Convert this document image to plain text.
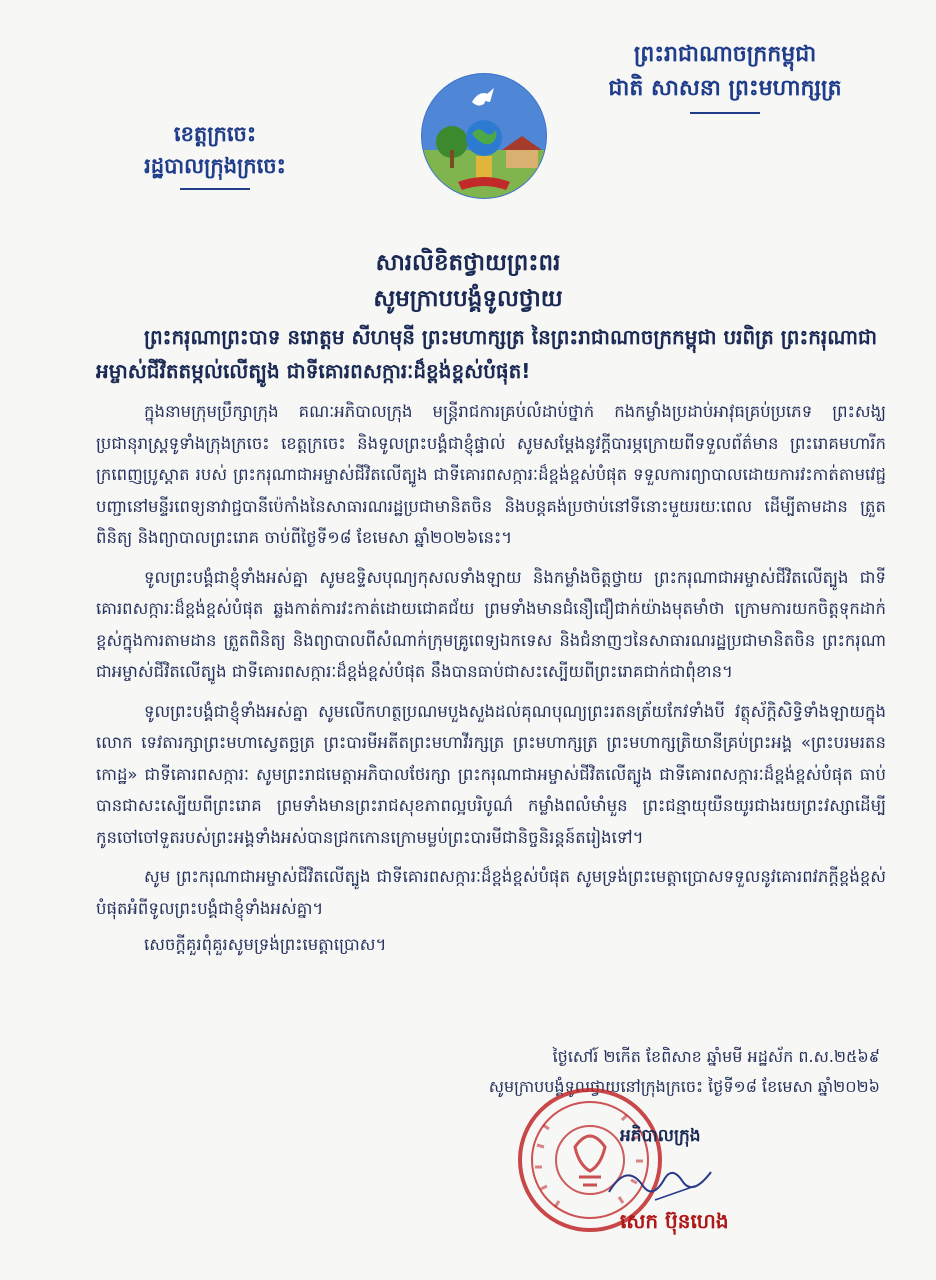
ខេត្តក្រចេះ
រដ្ឋបាលក្រុងក្រចេះ
ព្រះរាជាណាចក្រកម្ពុជា
ជាតិ សាសនា ព្រះមហាក្សត្រ
សារលិខិតថ្វាយព្រះពរ
សូមក្រាបបង្គំទូលថ្វាយ
ព្រះករុណាព្រះបាទ នរោត្តម សីហមុនី ព្រះមហាក្សត្រ នៃព្រះរាជាណាចក្រកម្ពុជា បរពិត្រ ព្រះករុណាជាអម្ចាស់ជីវិតតម្កល់លើត្បូង ជាទីគោរពសក្ការៈដ៏ខ្ពង់ខ្ពស់បំផុត!
ក្នុងនាមក្រុមប្រឹក្សាក្រុង គណៈអភិបាលក្រុង មន្ត្រីរាជការគ្រប់លំដាប់ថ្នាក់ កងកម្លាំងប្រដាប់អាវុធគ្រប់ប្រភេទ ព្រះសង្ឃ ប្រជានុរាស្ត្រទូទាំងក្រុងក្រចេះ ខេត្តក្រចេះ និងទូលព្រះបង្គំជាខ្ញុំផ្ទាល់ សូមសម្តែងនូវក្តីបារម្ភក្រោយពីទទួលព័ត៌មាន ព្រះរោគមហារីកក្រពេញប្រូស្តាត របស់ ព្រះករុណាជាអម្ចាស់ជីវិតលើត្បូង ជាទីគោរពសក្ការៈដ៏ខ្ពង់ខ្ពស់បំផុត ទទួលការព្យាបាលដោយការវះកាត់តាមវេជ្ជបញ្ជានៅមន្ទីរពេទ្យនាវាជ្ជបានីប៉េកាំងនៃសាធារណរដ្ឋប្រជាមានិតចិន និងបន្តគង់ប្រថាប់នៅទីនោះមួយរយៈពេល ដើម្បីតាមដាន ត្រួតពិនិត្យ និងព្យាបាលព្រះរោគ ចាប់ពីថ្ងៃទី១៨ ខែមេសា ឆ្នាំ២០២៦នេះ។
ទូលព្រះបង្គំជាខ្ញុំទាំងអស់គ្នា សូមឧទ្ទិសបុណ្យកុសលទាំងឡាយ និងកម្លាំងចិត្តថ្វាយ ព្រះករុណាជាអម្ចាស់ជីវិតលើត្បូង ជាទីគោរពសក្ការៈដ៏ខ្ពង់ខ្ពស់បំផុត ឆ្លងកាត់ការវះកាត់ដោយជោគជ័យ ព្រមទាំងមានជំនឿជឿជាក់យ៉ាងមុតមាំថា ក្រោមការយកចិត្តទុកដាក់ខ្ពស់ក្នុងការតាមដាន ត្រួតពិនិត្យ និងព្យាបាលពីសំណាក់ក្រុមគ្រូពេទ្យឯកទេស និងជំនាញៗនៃសាធារណរដ្ឋប្រជាមានិតចិន ព្រះករុណាជាអម្ចាស់ជីវិតលើត្បូង ជាទីគោរពសក្ការៈដ៏ខ្ពង់ខ្ពស់បំផុត នឹងបានធាប់ជាសះស្បើយពីព្រះរោគជាក់ជាពុំខាន។
ទូលព្រះបង្គំជាខ្ញុំទាំងអស់គ្នា សូមលើកហត្ថប្រណមបួងសួងដល់គុណបុណ្យព្រះរតនត្រ័យកែវទាំងបី វត្ថុស័ក្តិសិទ្ធិទាំងឡាយក្នុងលោក ទេវតារក្សាព្រះមហាស្វេតច្ឆត្រ ព្រះបារមីអតីតព្រះមហាវីរក្សត្រ ព្រះមហាក្សត្រ ព្រះមហាក្សត្រិយានីគ្រប់ព្រះអង្គ «ព្រះបរមរតនកោដ្ឋ» ជាទីគោរពសក្ការៈ សូមព្រះរាជមេត្តាអភិបាលថែរក្សា ព្រះករុណាជាអម្ចាស់ជីវិតលើត្បូង ជាទីគោរពសក្ការៈដ៏ខ្ពង់ខ្ពស់បំផុត ធាប់បានជាសះស្បើយពីព្រះរោគ ព្រមទាំងមានព្រះរាជសុខភាពល្អបរិបូណ៌ កម្លាំងពលំមាំមួន ព្រះជន្មាយុយឺនយូរជាងរយព្រះវស្សាដើម្បីកូនចៅចៅទួតរបស់ព្រះអង្គទាំងអស់បានជ្រកកោនក្រោមម្លប់ព្រះបារមីជានិច្ចនិរន្តន៍តរៀងទៅ។
សូម ព្រះករុណាជាអម្ចាស់ជីវិតលើត្បូង ជាទីគោរពសក្ការៈដ៏ខ្ពង់ខ្ពស់បំផុត សូមទ្រង់ព្រះមេត្តាប្រោសទទួលនូវគោរពវភក្តីខ្ពង់ខ្ពស់បំផុតអំពីទូលព្រះបង្គំជាខ្ញុំទាំងអស់គ្នា។
សេចក្តីគួរពុំគួរសូមទ្រង់ព្រះមេត្តាប្រោស។
ថ្ងៃសៅរ៍ ២កើត ខែពិសាខ ឆ្នាំមមី អដ្ឋស័ក ព.ស.២៥៦៩
សូមក្រាបបង្គំទូលថ្វាយនៅក្រុងក្រចេះ ថ្ងៃទី១៨ ខែមេសា ឆ្នាំ២០២៦
អភិបាលក្រុង
សេក ប៊ុនហេង
